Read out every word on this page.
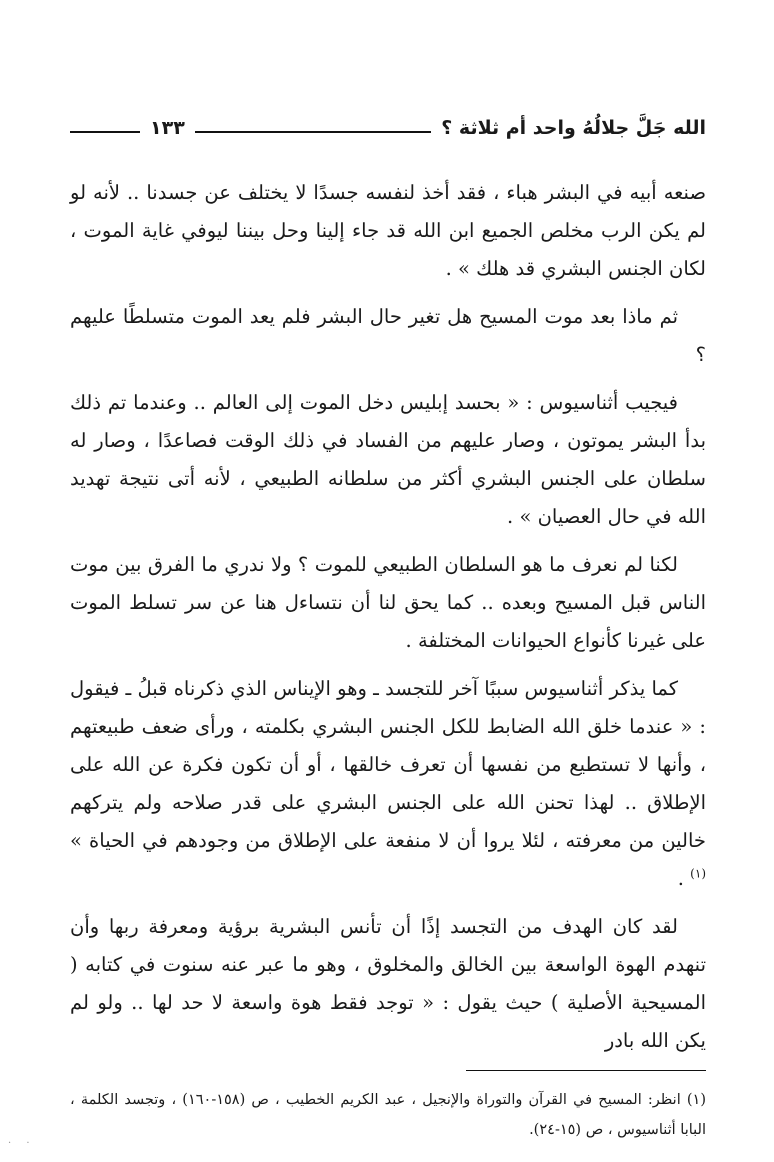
الله جَلَّ جلالُهُ واحد أم ثلاثة ؟
١٣٣

صنعه أبيه في البشر هباء ، فقد أخذ لنفسه جسدًا لا يختلف عن جسدنا .. لأنه لو لم يكن الرب مخلص الجميع ابن الله قد جاء إلينا وحل بيننا ليوفي غاية الموت ، لكان الجنس البشري قد هلك » .

ثم ماذا بعد موت المسيح هل تغير حال البشر فلم يعد الموت متسلطًا عليهم ؟

فيجيب أثناسيوس : « بحسد إبليس دخل الموت إلى العالم .. وعندما تم ذلك بدأ البشر يموتون ، وصار عليهم من الفساد في ذلك الوقت فصاعدًا ، وصار له سلطان على الجنس البشري أكثر من سلطانه الطبيعي ، لأنه أتى نتيجة تهديد الله في حال العصيان » .

لكنا لم نعرف ما هو السلطان الطبيعي للموت ؟ ولا ندري ما الفرق بين موت الناس قبل المسيح وبعده .. كما يحق لنا أن نتساءل هنا عن سر تسلط الموت على غيرنا كأنواع الحيوانات المختلفة .

كما يذكر أثناسيوس سببًا آخر للتجسد ـ وهو الإيناس الذي ذكرناه قبلُ ـ فيقول : « عندما خلق الله الضابط للكل الجنس البشري بكلمته ، ورأى ضعف طبيعتهم ، وأنها لا تستطيع من نفسها أن تعرف خالقها ، أو أن تكون فكرة عن الله على الإطلاق .. لهذا تحنن الله على الجنس البشري على قدر صلاحه ولم يتركهم خالين من معرفته ، لئلا يروا أن لا منفعة على الإطلاق من وجودهم في الحياة » $^{(١)}$ .

لقد كان الهدف من التجسد إذًا أن تأنس البشرية برؤية ومعرفة ربها وأن تنهدم الهوة الواسعة بين الخالق والمخلوق ، وهو ما عبر عنه سنوت في كتابه ( المسيحية الأصلية ) حيث يقول : « توجد فقط هوة واسعة لا حد لها .. ولو لم يكن الله بادر

(١) انظر: المسيح في القرآن والتوراة والإنجيل ، عبد الكريم الخطيب ، ص (١٥٨-١٦٠) ، وتجسد الكلمة ، البابا أثناسيوس ، ص (١٥-٢٤).

· ·
